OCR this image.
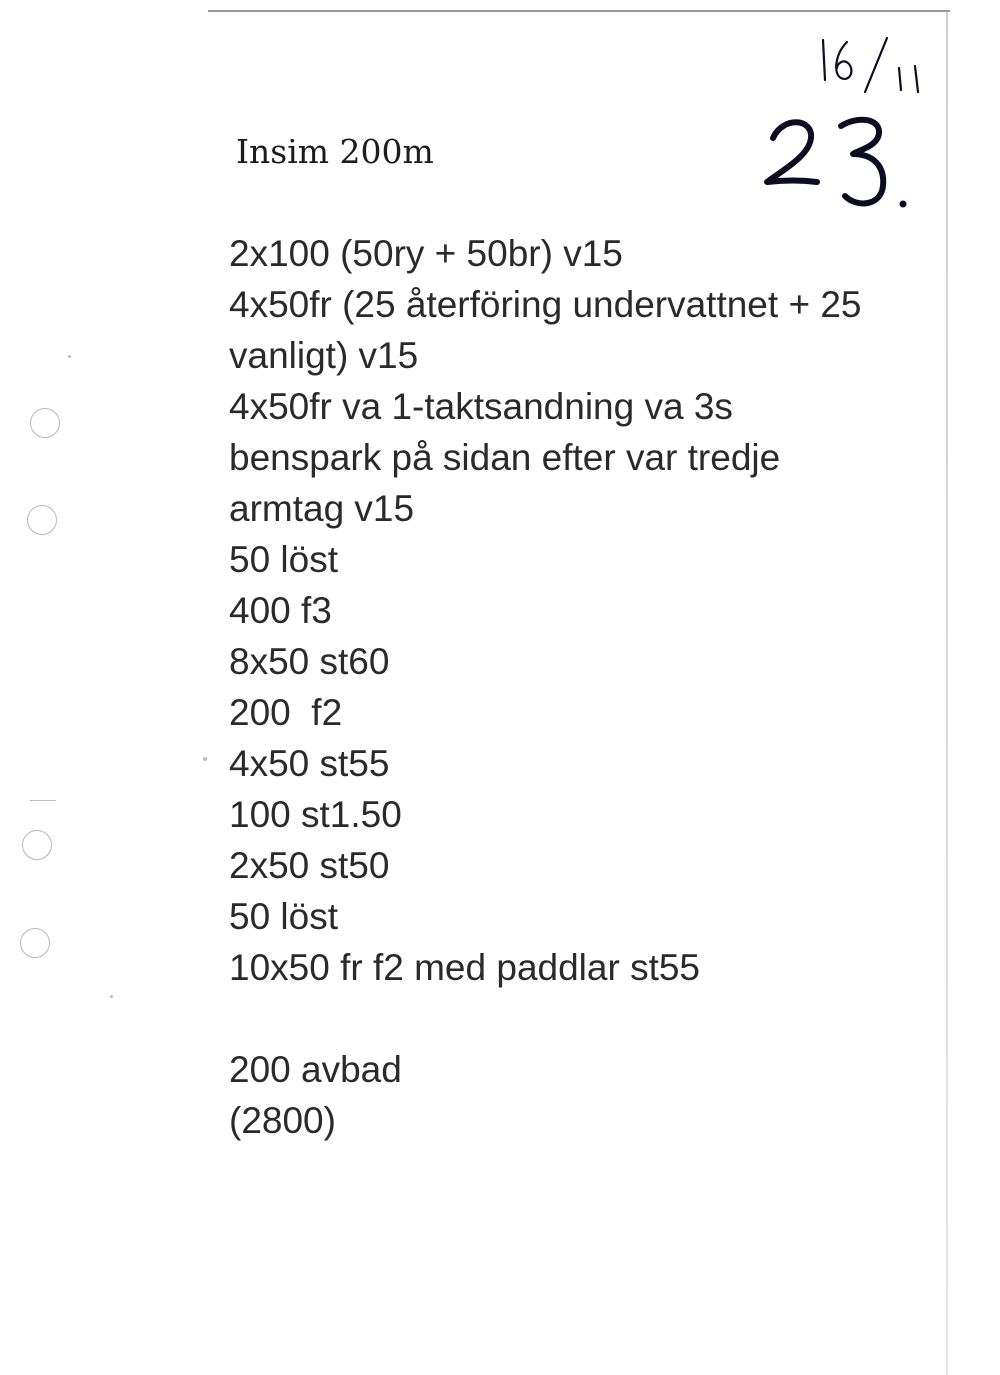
Insim 200m
2x100 (50ry + 50br) v15
4x50fr (25 återföring undervattnet + 25
vanligt) v15
4x50fr va 1-taktsandning va 3s
benspark på sidan efter var tredje
armtag v15
50 löst
400 f3
8x50 st60
200  f2
4x50 st55
100 st1.50
2x50 st50
50 löst
10x50 fr f2 med paddlar st55
200 avbad
(2800)
